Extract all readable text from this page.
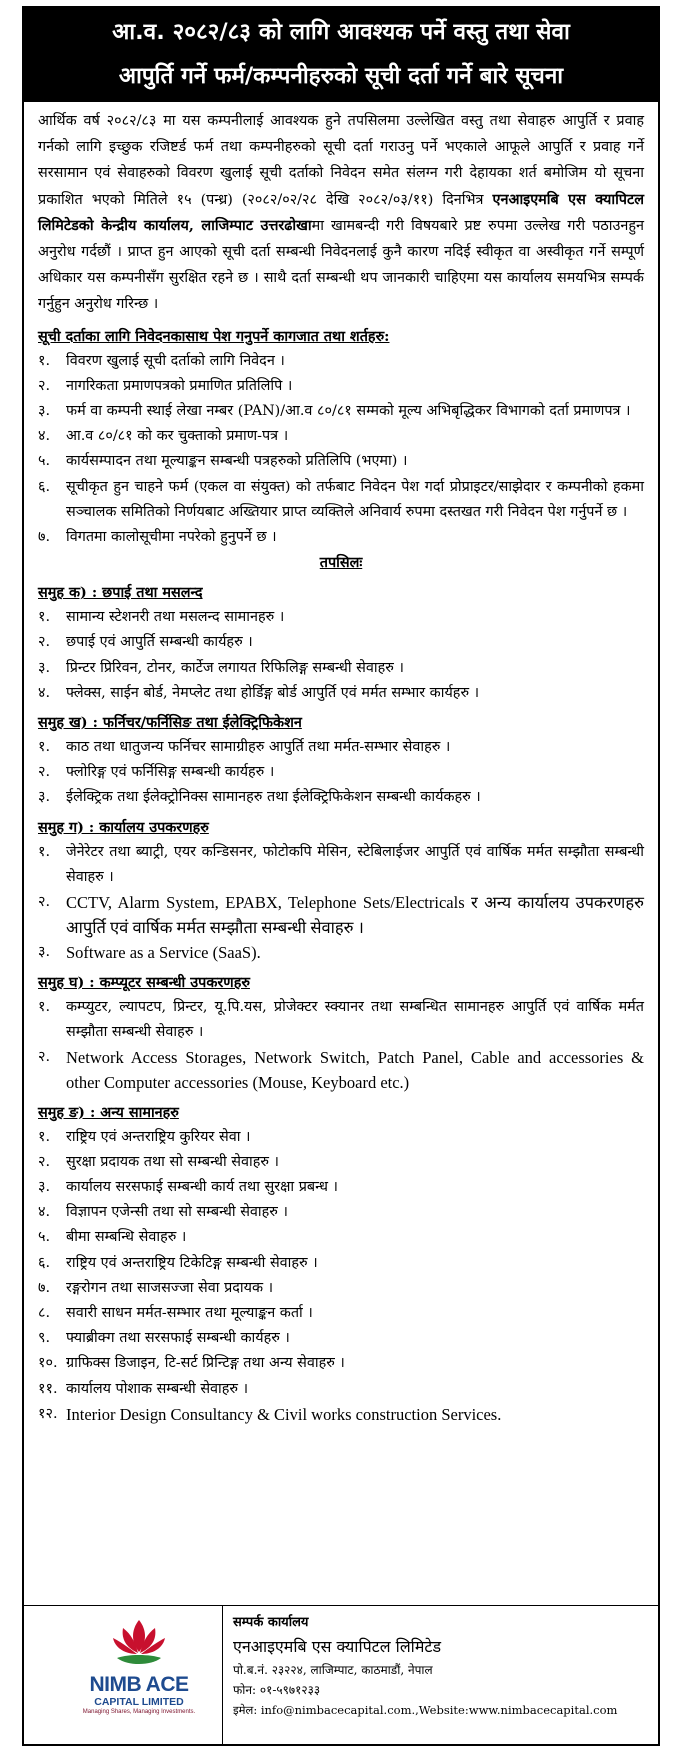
आ.व. २०८२/८३ को लागि आवश्यक पर्ने वस्तु तथा सेवा
आपुर्ति गर्ने फर्म/कम्पनीहरुको सूची दर्ता गर्ने बारे सूचना

आर्थिक वर्ष २०८२/८३ मा यस कम्पनीलाई आवश्यक हुने तपसिलमा उल्लेखित वस्तु तथा सेवाहरु आपुर्ति र प्रवाह गर्नको लागि इच्छुक रजिष्टर्ड फर्म तथा कम्पनीहरुको सूची दर्ता गराउनु पर्ने भएकाले आफूले आपुर्ति र प्रवाह गर्ने सरसामान एवं सेवाहरुको विवरण खुलाई सूची दर्ताको निवेदन समेत संलग्न गरी देहायका शर्त बमोजिम यो सूचना प्रकाशित भएको मितिले १५ (पन्ध्र) (२०८२/०२/२८ देखि २०८२/०३/११) दिनभित्र एनआइएमबि एस क्यापिटल लिमिटेडको केन्द्रीय कार्यालय, लाजिम्पाट उत्तरढोखामा खामबन्दी गरी विषयबारे प्रष्ट रुपमा उल्लेख गरी पठाउनहुन अनुरोध गर्दछौं । प्राप्त हुन आएको सूची दर्ता सम्बन्धी निवेदनलाई कुनै कारण नदिई स्वीकृत वा अस्वीकृत गर्ने सम्पूर्ण अधिकार यस कम्पनीसँग सुरक्षित रहने छ । साथै दर्ता सम्बन्धी थप जानकारी चाहिएमा यस कार्यालय समयभित्र सम्पर्क गर्नुहुन अनुरोध गरिन्छ ।

सूची दर्ताका लागि निवेदनकासाथ पेश गनुपर्ने कागजात तथा शर्तहरु:
१.	विवरण खुलाई सूची दर्ताको लागि निवेदन ।
२.	नागरिकता प्रमाणपत्रको प्रमाणित प्रतिलिपि ।
३.	फर्म वा कम्पनी स्थाई लेखा नम्बर (PAN)/आ.व ८०/८१ सम्मको मूल्य अभिबृद्धिकर विभागको दर्ता प्रमाणपत्र ।
४.	आ.व ८०/८१ को कर चुक्ताको प्रमाण-पत्र ।
५.	कार्यसम्पादन तथा मूल्याङ्कन सम्बन्धी पत्रहरुको प्रतिलिपि (भएमा) ।
६.	सूचीकृत हुन चाहने फर्म (एकल वा संयुक्त) को तर्फबाट निवेदन पेश गर्दा प्रोप्राइटर/साझेदार र कम्पनीको हकमा सञ्चालक समितिको निर्णयबाट अख्तियार प्राप्त व्यक्तिले अनिवार्य रुपमा दस्तखत गरी निवेदन पेश गर्नुपर्ने छ ।
७.	विगतमा कालोसूचीमा नपरेको हुनुपर्ने छ ।
तपसिलः
समुह क) : छपाई तथा मसलन्द
१.	सामान्य स्टेशनरी तथा मसलन्द सामानहरु ।
२.	छपाई एवं आपुर्ति सम्बन्धी कार्यहरु ।
३.	प्रिन्टर प्रिरिवन, टोनर, कार्टेज लगायत रिफिलिङ्ग सम्बन्धी सेवाहरु ।
४.	फ्लेक्स, साईन बोर्ड, नेमप्लेट तथा होर्डिङ्ग बोर्ड आपुर्ति एवं मर्मत सम्भार कार्यहरु ।
समुह ख) : फर्निचर/फर्निसिङ तथा ईलेक्ट्रिफिकेशन
१.	काठ तथा धातुजन्य फर्निचर सामाग्रीहरु आपुर्ति तथा मर्मत-सम्भार सेवाहरु ।
२.	फ्लोरिङ्ग एवं फर्निसिङ्ग सम्बन्धी कार्यहरु ।
३.	ईलेक्ट्रिक तथा ईलेक्ट्रोनिक्स सामानहरु तथा ईलेक्ट्रिफिकेशन सम्बन्धी कार्यकहरु ।
समुह ग) : कार्यालय उपकरणहरु
१.	जेनेरेटर तथा ब्याट्री, एयर कन्डिसनर, फोटोकपि मेसिन, स्टेबिलाईजर आपुर्ति एवं वार्षिक मर्मत सम्झौता सम्बन्धी सेवाहरु ।
२. CCTV, Alarm System, EPABX, Telephone Sets/Electricals र अन्य कार्यालय उपकरणहरु आपुर्ति एवं वार्षिक मर्मत सम्झौता सम्बन्धी सेवाहरु ।
३. Software as a Service (SaaS).
समुह घ) : कम्प्यूटर सम्बन्धी उपकरणहरु
१.	कम्प्युटर, ल्यापटप, प्रिन्टर, यू.पि.यस, प्रोजेक्टर स्क्यानर तथा सम्बन्धित सामानहरु आपुर्ति एवं वार्षिक मर्मत सम्झौता सम्बन्धी सेवाहरु ।
२. Network Access Storages, Network Switch, Patch Panel, Cable and accessories & other Computer accessories (Mouse, Keyboard etc.)
समुह ङ) : अन्य सामानहरु
१.	राष्ट्रिय एवं अन्तराष्ट्रिय कुरियर सेवा ।
२.	सुरक्षा प्रदायक तथा सो सम्बन्धी सेवाहरु ।
३.	कार्यालय सरसफाई सम्बन्धी कार्य तथा सुरक्षा प्रबन्ध ।
४.	विज्ञापन एजेन्सी तथा सो सम्बन्धी सेवाहरु ।
५.	बीमा सम्बन्धि सेवाहरु ।
६.	राष्ट्रिय एवं अन्तराष्ट्रिय टिकेटिङ्ग सम्बन्धी सेवाहरु ।
७.	रङ्गरोगन तथा साजसज्जा सेवा प्रदायक ।
८.	सवारी साधन मर्मत-सम्भार तथा मूल्याङ्कन कर्ता ।
९.	फ्याब्रीक्ग तथा सरसफाई सम्बन्धी कार्यहरु ।
१०. ग्राफिक्स डिजाइन, टि-सर्ट प्रिन्टिङ्ग तथा अन्य सेवाहरु ।
११. कार्यालय पोशाक सम्बन्धी सेवाहरु ।
१२. Interior Design Consultancy & Civil works construction Services.
NIMB ACE
CAPITAL LIMITED
Managing Shares, Managing Investments.
सम्पर्क कार्यालय
एनआइएमबि एस क्यापिटल लिमिटेड
पो.ब.नं. २३२२४, लाजिम्पाट, काठमाडौं, नेपाल
फोन: ०१-५९७१२३३
इमेल: info@nimbacecapital.com.,Website:www.nimbacecapital.com
